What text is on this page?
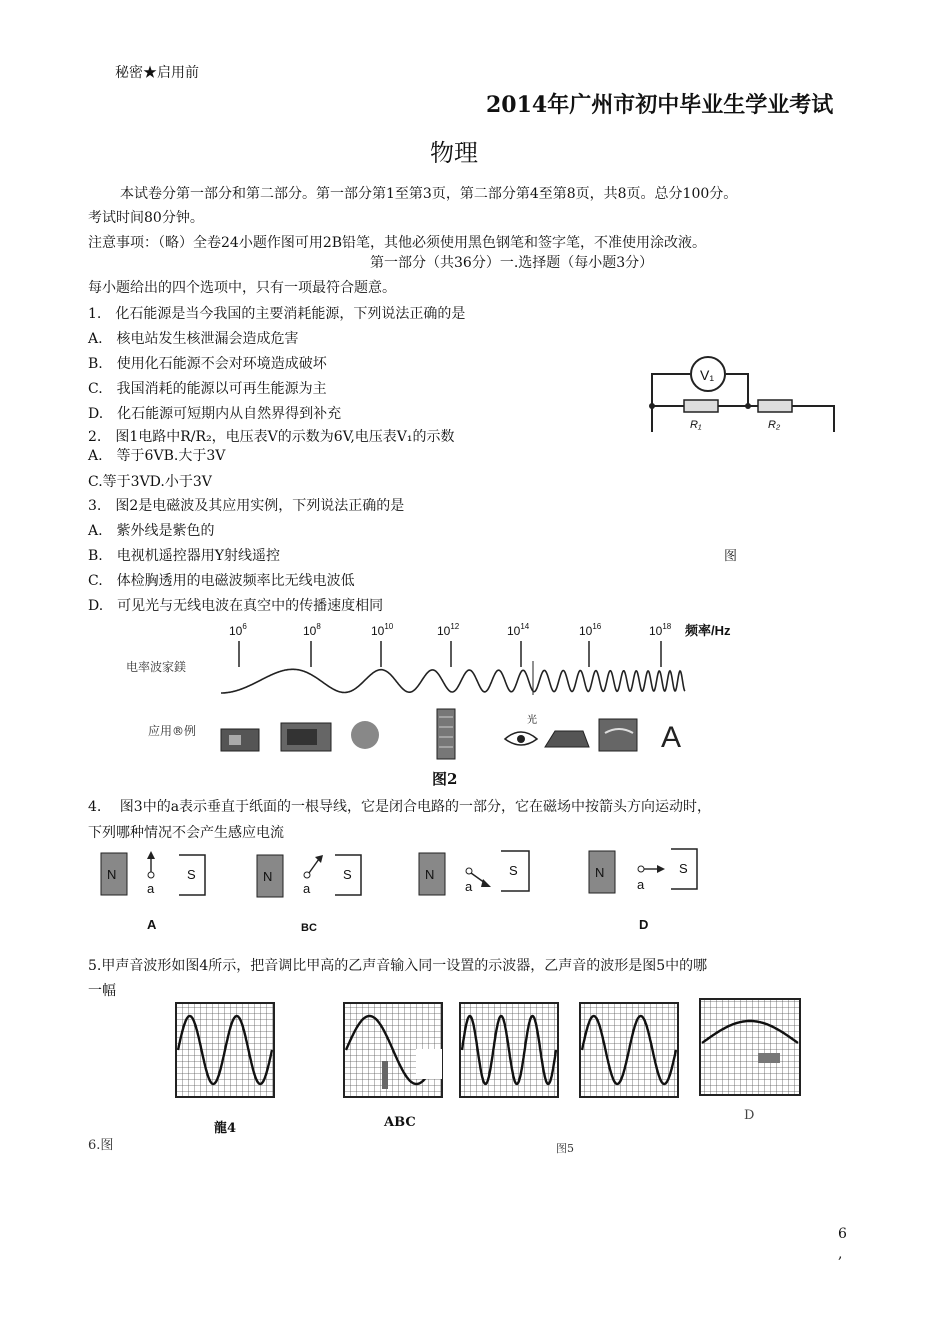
秘密★启用前
2014年广州市初中毕业生学业考试
物理
本试卷分第一部分和第二部分。第一部分第1至第3页，第二部分第4至第8页，共8页。总分100分。
考试时间80分钟。
注意事项：（略）全卷24小题作图可用2B铅笔，其他必须使用黑色钢笔和签字笔，不准使用涂改液。
第一部分（共36分）一.选择题（每小题3分）
每小题给出的四个选项中，只有一项最符合题意。
1.　化石能源是当今我国的主要消耗能源，下列说法正确的是
A.　核电站发生核泄漏会造成危害
B.　使用化石能源不会对环境造成破坏
C.　我国消耗的能源以可再生能源为主
D.　化石能源可短期内从自然界得到补充
V₁
R₁	R₂
图
2.　图1电路中R/R₂，电压表V的示数为6V,电压表V₁的示数
A.　等于6VB.大于3V
C.等于3VD.小于3V
3.　图2是电磁波及其应用实例，下列说法正确的是
A.　紫外线是紫色的
B.　电视机遥控器用Y射线遥控
C.　体检胸透用的电磁波频率比无线电波低
D.　可见光与无线电波在真空中的传播速度相同
电率波家鎂
应用®例
$10^6$	$10^8$	$10^{10}$	$10^{12}$	$10^{14}$	$10^{16}$	$10^{18}$ 频率/Hz
光
A
图2
4.　 图3中的a表示垂直于纸面的一根导线，它是闭合电路的一部分，它在磁场中按箭头方向运动时，
下列哪种情况不会产生感应电流
N
a
S
A
N
a
S
BC
N
a
S	N
a
S
D
5.甲声音波形如图4所示，把音调比甲高的乙声音输入同一设置的示波器，乙声音的波形是图5中的哪
一幅
龍4	ABC	D
6.图	图5
6
,
